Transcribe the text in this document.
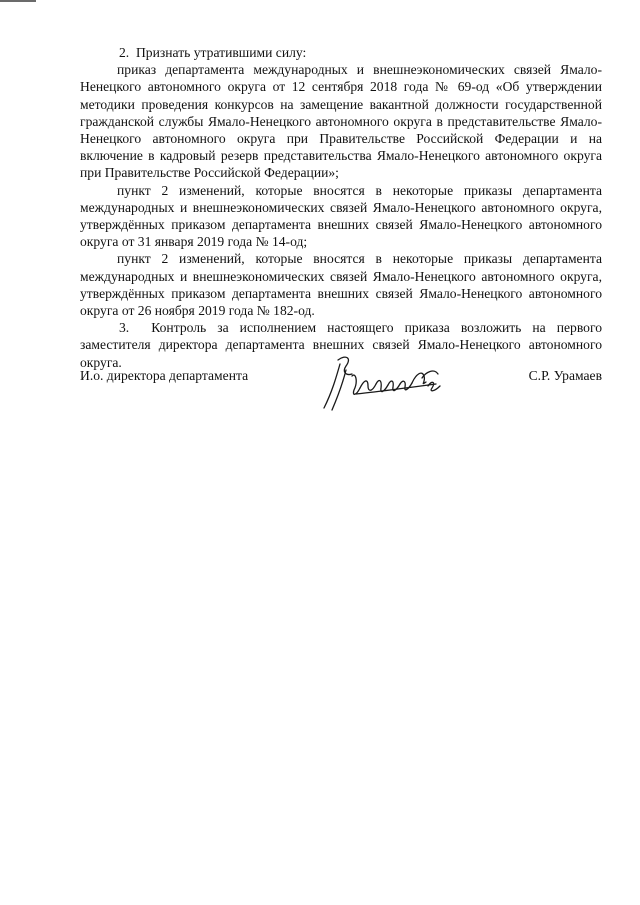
2.  Признать утратившими силу:

приказ департамента международных и внешнеэкономических связей Ямало-Ненецкого автономного округа от 12 сентября 2018 года № 69-од «Об утверждении методики проведения конкурсов на замещение вакантной должности государственной гражданской службы Ямало-Ненецкого автономного округа в представительстве Ямало-Ненецкого автономного округа при Правительстве Российской Федерации и на включение в кадровый резерв представительства Ямало-Ненецкого автономного округа при Правительстве Российской Федерации»;

пункт 2 изменений, которые вносятся в некоторые приказы департамента международных и внешнеэкономических связей Ямало-Ненецкого автономного округа, утверждённых приказом департамента внешних связей Ямало-Ненецкого автономного округа от 31 января 2019 года № 14-од;

пункт 2 изменений, которые вносятся в некоторые приказы департамента международных и внешнеэкономических связей Ямало-Ненецкого автономного округа, утверждённых приказом департамента внешних связей Ямало-Ненецкого автономного округа от 26 ноября 2019 года № 182-од.

3.  Контроль за исполнением настоящего приказа возложить на первого заместителя директора департамента внешних связей Ямало-Ненецкого автономного округа.

И.о. директора департамента	С.Р. Урамаев
